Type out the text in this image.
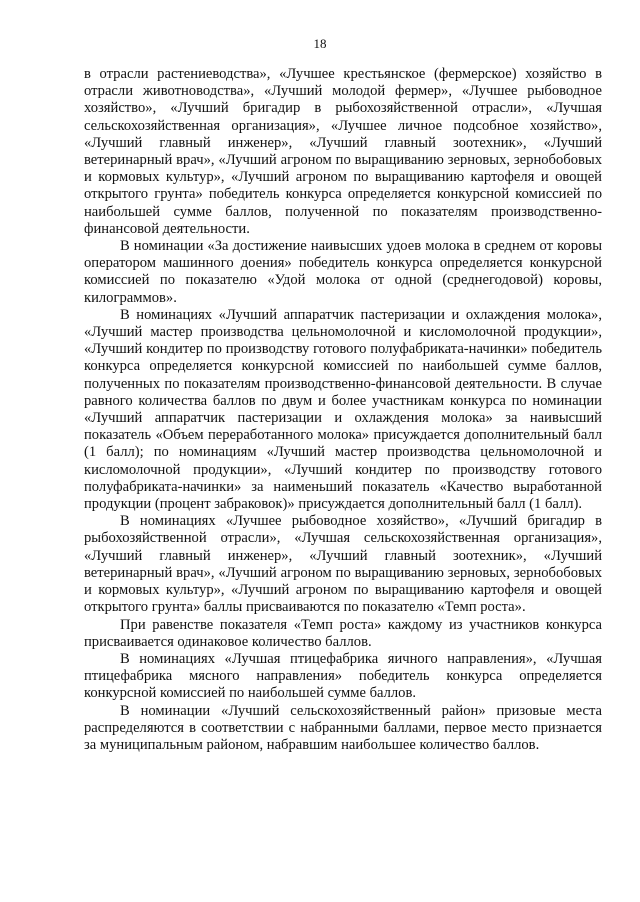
18

в отрасли растениеводства», «Лучшее крестьянское (фермерское) хозяйство в отрасли животноводства», «Лучший молодой фермер», «Лучшее рыбоводное хозяйство», «Лучший бригадир в рыбохозяйственной отрасли», «Лучшая сельскохозяйственная организация», «Лучшее личное подсобное хозяйство», «Лучший главный инженер», «Лучший главный зоотехник», «Лучший ветеринарный врач», «Лучший агроном по выращиванию зерновых, зернобобовых и кормовых культур», «Лучший агроном по выращиванию картофеля и овощей открытого грунта» победитель конкурса определяется конкурсной комиссией по наибольшей сумме баллов, полученной по показателям производственно-финансовой деятельности.

В номинации «За достижение наивысших удоев молока в среднем от коровы оператором машинного доения» победитель конкурса определяется конкурсной комиссией по показателю «Удой молока от одной (среднегодовой) коровы, килограммов».

В номинациях «Лучший аппаратчик пастеризации и охлаждения молока», «Лучший мастер производства цельномолочной и кисломолочной продукции», «Лучший кондитер по производству готового полуфабриката-начинки» победитель конкурса определяется конкурсной комиссией по наибольшей сумме баллов, полученных по показателям производственно-финансовой деятельности. В случае равного количества баллов по двум и более участникам конкурса по номинации «Лучший аппаратчик пастеризации и охлаждения молока» за наивысший показатель «Объем переработанного молока» присуждается дополнительный балл (1 балл); по номинациям «Лучший мастер производства цельномолочной и кисломолочной продукции», «Лучший кондитер по производству готового полуфабриката-начинки» за наименьший показатель «Качество выработанной продукции (процент забраковок)» присуждается дополнительный балл (1 балл).

В номинациях «Лучшее рыбоводное хозяйство», «Лучший бригадир в рыбохозяйственной отрасли», «Лучшая сельскохозяйственная организация», «Лучший главный инженер», «Лучший главный зоотехник», «Лучший ветеринарный врач», «Лучший агроном по выращиванию зерновых, зернобобовых и кормовых культур», «Лучший агроном по выращиванию картофеля и овощей открытого грунта» баллы присваиваются по показателю «Темп роста».

При равенстве показателя «Темп роста» каждому из участников конкурса присваивается одинаковое количество баллов.

В номинациях «Лучшая птицефабрика яичного направления», «Лучшая птицефабрика мясного направления» победитель конкурса определяется конкурсной комиссией по наибольшей сумме баллов.

В номинации «Лучший сельскохозяйственный район» призовые места распределяются в соответствии с набранными баллами, первое место признается за муниципальным районом, набравшим наибольшее количество баллов.
